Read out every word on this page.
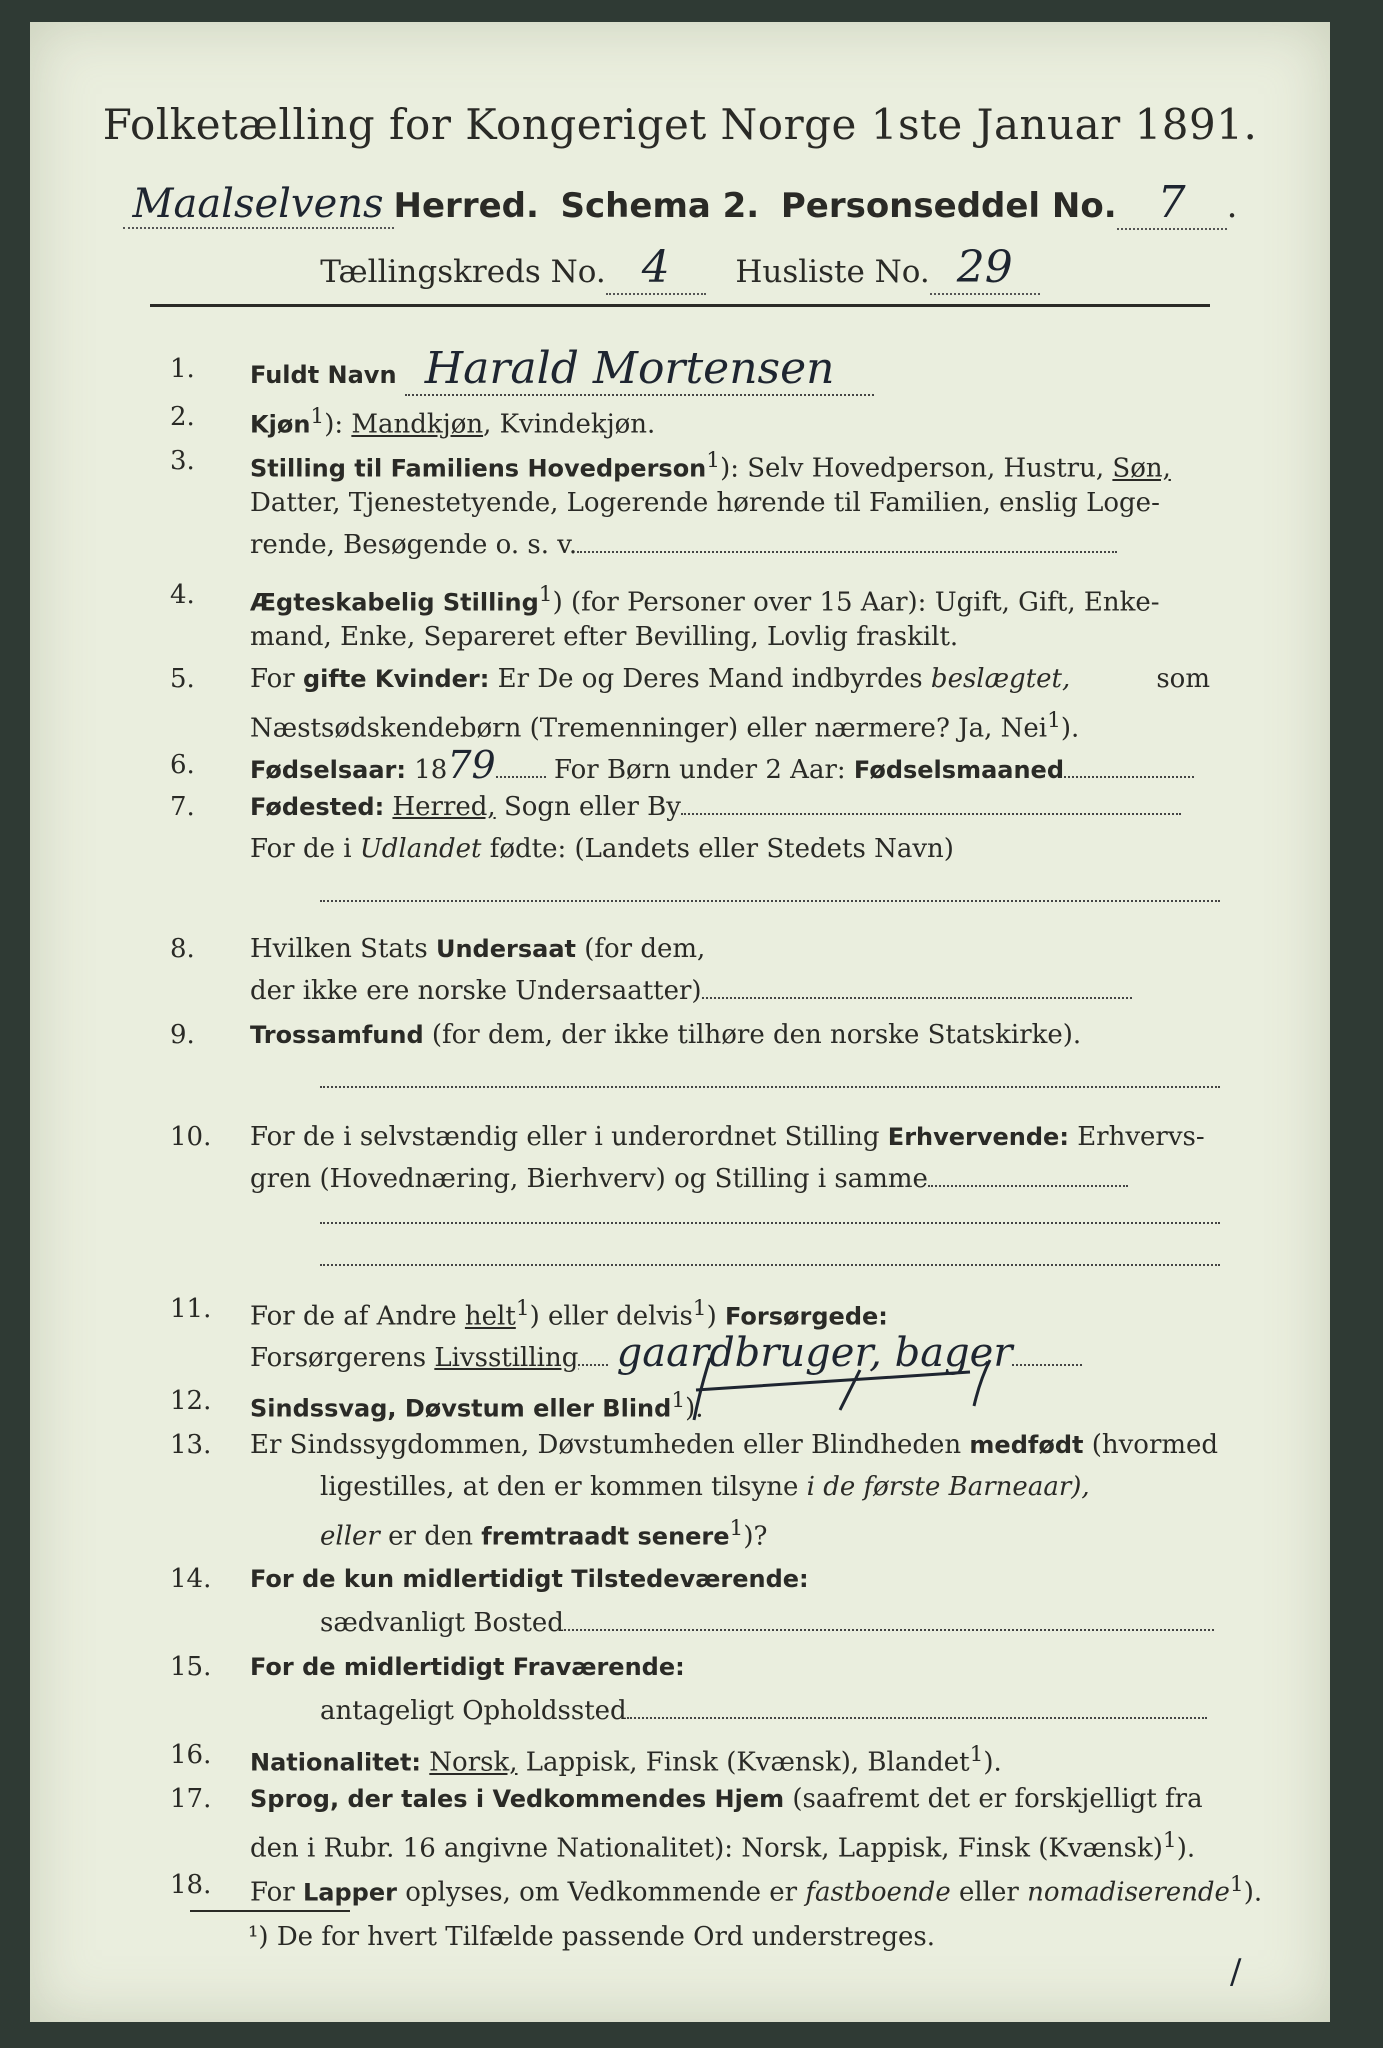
Folketælling for Kongeriget Norge 1ste Januar 1891.
Maalselvens Herred. Schema 2. Personseddel No. 7 .
Tællingskreds No. 4 Husliste No. 29
1.	Fuldt Navn Harald Mortensen
2.	Kjøn$^1$): Mandkjøn, Kvindekjøn.
3.	Stilling til Familiens Hovedperson$^1$): Selv Hovedperson, Hustru, Søn,
Datter, Tjenestetyende, Logerende hørende til Familien, enslig Loge-
rende, Besøgende o. s. v.
4.	Ægteskabelig Stilling$^1$) (for Personer over 15 Aar): Ugift, Gift, Enke-
mand, Enke, Separeret efter Bevilling, Lovlig fraskilt.
5.	For gifte Kvinder: Er De og Deres Mand indbyrdes beslægtet,	som
Næstsødskendebørn (Tremenninger) eller nærmere? Ja, Nei$^1$).
6.	Fødselsaar: 1879 For Børn under 2 Aar: Fødselsmaaned
7.	Fødested: Herred, Sogn eller By
For de i Udlandet fødte: (Landets eller Stedets Navn)
8.	Hvilken Stats Undersaat (for dem,
der ikke ere norske Undersaatter)
9.	Trossamfund (for dem, der ikke tilhøre den norske Statskirke).
10.	For de i selvstændig eller i underordnet Stilling Erhvervende: Erhvervs-
gren (Hovednæring, Bierhverv) og Stilling i samme
11.	For de af Andre helt$^1$) eller delvis$^1$) Forsørgede:
Forsørgerens Livsstilling gaardbruger, bager
12.	Sindssvag, Døvstum eller Blind$^1$).
13.	Er Sindssygdommen, Døvstumheden eller Blindheden medfødt (hvormed
ligestilles, at den er kommen tilsyne i de første Barneaar),
eller er den fremtraadt senere$^1$)?
14.	For de kun midlertidigt Tilstedeværende:
sædvanligt Bosted
15.	For de midlertidigt Fraværende:
antageligt Opholdssted
16.	Nationalitet: Norsk, Lappisk, Finsk (Kvænsk), Blandet$^1$).
17.	Sprog, der tales i Vedkommendes Hjem (saafremt det er forskjelligt fra
den i Rubr. 16 angivne Nationalitet): Norsk, Lappisk, Finsk (Kvænsk)$^1$).
¹) De for hvert Tilfælde passende Ord understreges.
/
18.	For Lapper oplyses, om Vedkommende er fastboende eller nomadiserende$^1$
